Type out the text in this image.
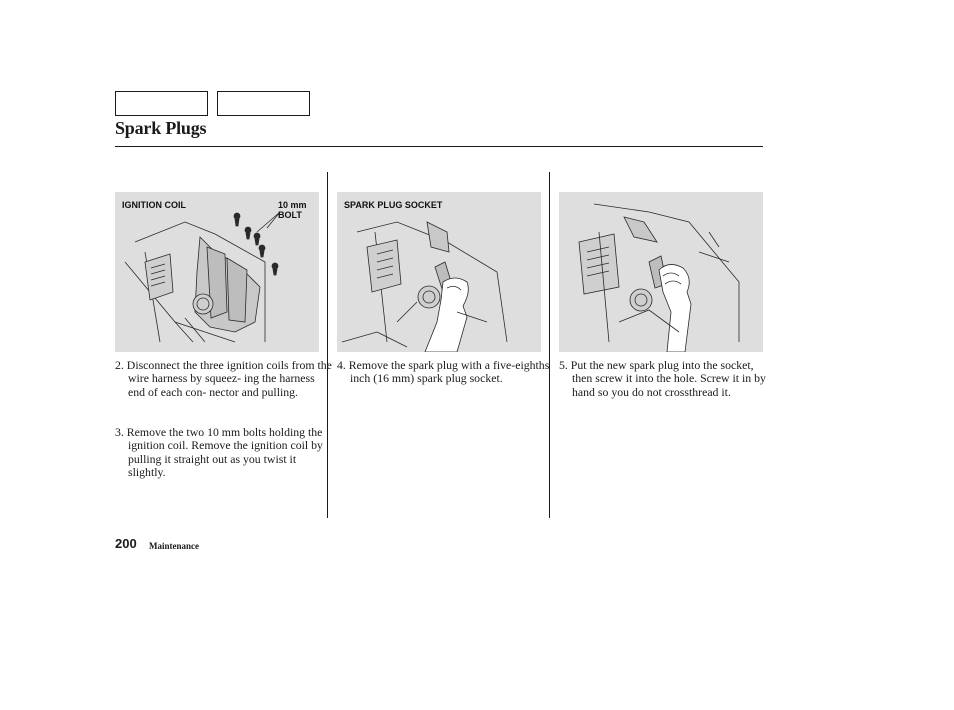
Spark Plugs
IGNITION COIL	10 mm
BOLT
SPARK PLUG SOCKET
2. Disconnect the three ignition coils from the wire harness by squeez- ing the harness end of each con- nector and pulling.
3. Remove the two 10 mm bolts holding the ignition coil. Remove the ignition coil by pulling it straight out as you twist it slightly.
4. Remove the spark plug with a five-eighths inch (16 mm) spark plug socket.
5. Put the new spark plug into the socket, then screw it into the hole. Screw it in by hand so you do not crossthread it.
200 Maintenance
